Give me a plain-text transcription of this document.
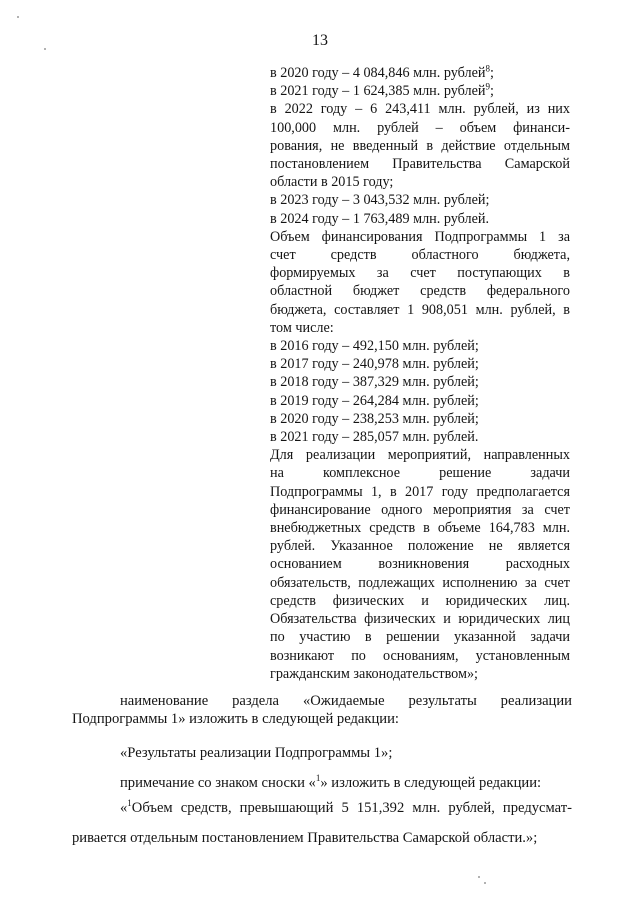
13
в 2020 году – 4 084,846 млн. рублей$^8$;
в 2021 году – 1 624,385 млн. рублей$^9$;
в 2022 году – 6 243,411 млн. рублей, из них
100,000 млн. рублей – объем финанси-
рования, не введенный в действие отдельным
постановлением Правительства Самарской
области в 2015 году;
в 2023 году – 3 043,532 млн. рублей;
в 2024 году – 1 763,489 млн. рублей.
Объем финансирования Подпрограммы 1 за
счет средств областного бюджета,
формируемых за счет поступающих в
областной бюджет средств федерального
бюджета, составляет 1 908,051 млн. рублей, в
том числе:
в 2016 году – 492,150 млн. рублей;
в 2017 году – 240,978 млн. рублей;
в 2018 году – 387,329 млн. рублей;
в 2019 году – 264,284 млн. рублей;
в 2020 году – 238,253 млн. рублей;
в 2021 году – 285,057 млн. рублей.
Для реализации мероприятий, направленных
на комплексное решение задачи
Подпрограммы 1, в 2017 году предполагается
финансирование одного мероприятия за счет
внебюджетных средств в объеме 164,783 млн.
рублей. Указанное положение не является
основанием возникновения расходных
обязательств, подлежащих исполнению за счет
средств физических и юридических лиц.
Обязательства физических и юридических лиц
по участию в решении указанной задачи
возникают по основаниям, установленным
гражданским законодательством»;
наименование раздела «Ожидаемые результаты реализации
Подпрограммы 1» изложить в следующей редакции:
«Результаты реализации Подпрограммы 1»;
примечание со знаком сноски «$^1$» изложить в следующей редакции:
«$^1$Объем средств, превышающий 5 151,392 млн. рублей, предусмат-
ривается отдельным постановлением Правительства Самарской области.»;
